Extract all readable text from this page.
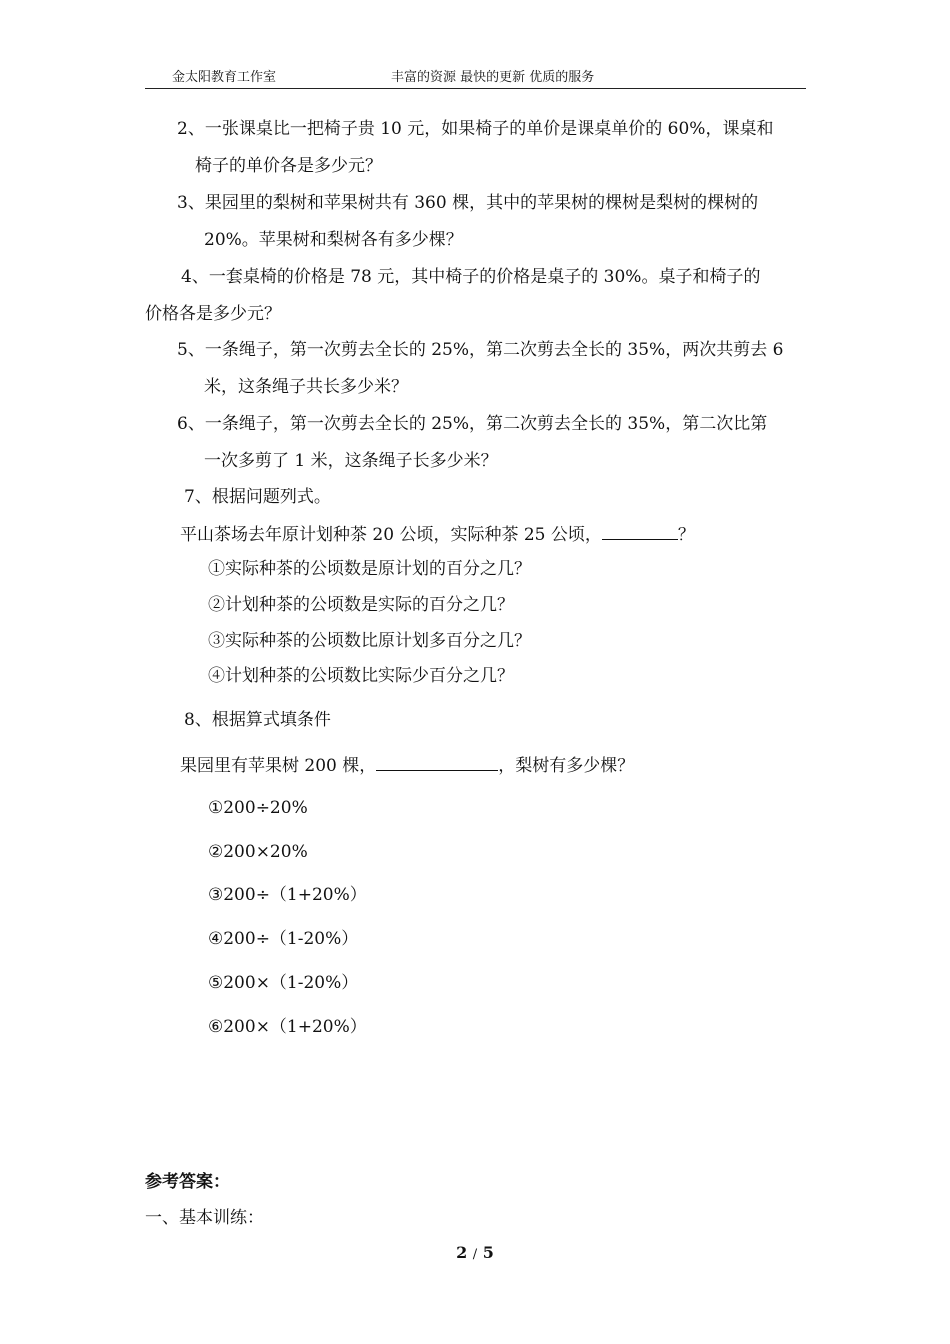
金太阳教育工作室	丰富的资源 最快的更新 优质的服务
2、一张课桌比一把椅子贵 10 元，如果椅子的单价是课桌单价的 60%，课桌和
椅子的单价各是多少元？
3、果园里的梨树和苹果树共有 360 棵，其中的苹果树的棵树是梨树的棵树的
20%。苹果树和梨树各有多少棵？
4、一套桌椅的价格是 78 元，其中椅子的价格是桌子的 30%。桌子和椅子的
价格各是多少元？
5、一条绳子，第一次剪去全长的 25%，第二次剪去全长的 35%，两次共剪去 6
米，这条绳子共长多少米？
6、一条绳子，第一次剪去全长的 25%，第二次剪去全长的 35%，第二次比第
一次多剪了 1 米，这条绳子长多少米？
7、根据问题列式。
平山茶场去年原计划种茶 20 公顷，实际种茶 25 公顷，	？
①实际种茶的公顷数是原计划的百分之几？
②计划种茶的公顷数是实际的百分之几？
③实际种茶的公顷数比原计划多百分之几？
④计划种茶的公顷数比实际少百分之几？
8、根据算式填条件
果园里有苹果树 200 棵，	，梨树有多少棵？
①200÷20%
②200×20%
③200÷（1+20%）
④200÷（1-20%）
⑤200×（1-20%）
⑥200×（1+20%）
参考答案：
一、基本训练：
2 / 5
